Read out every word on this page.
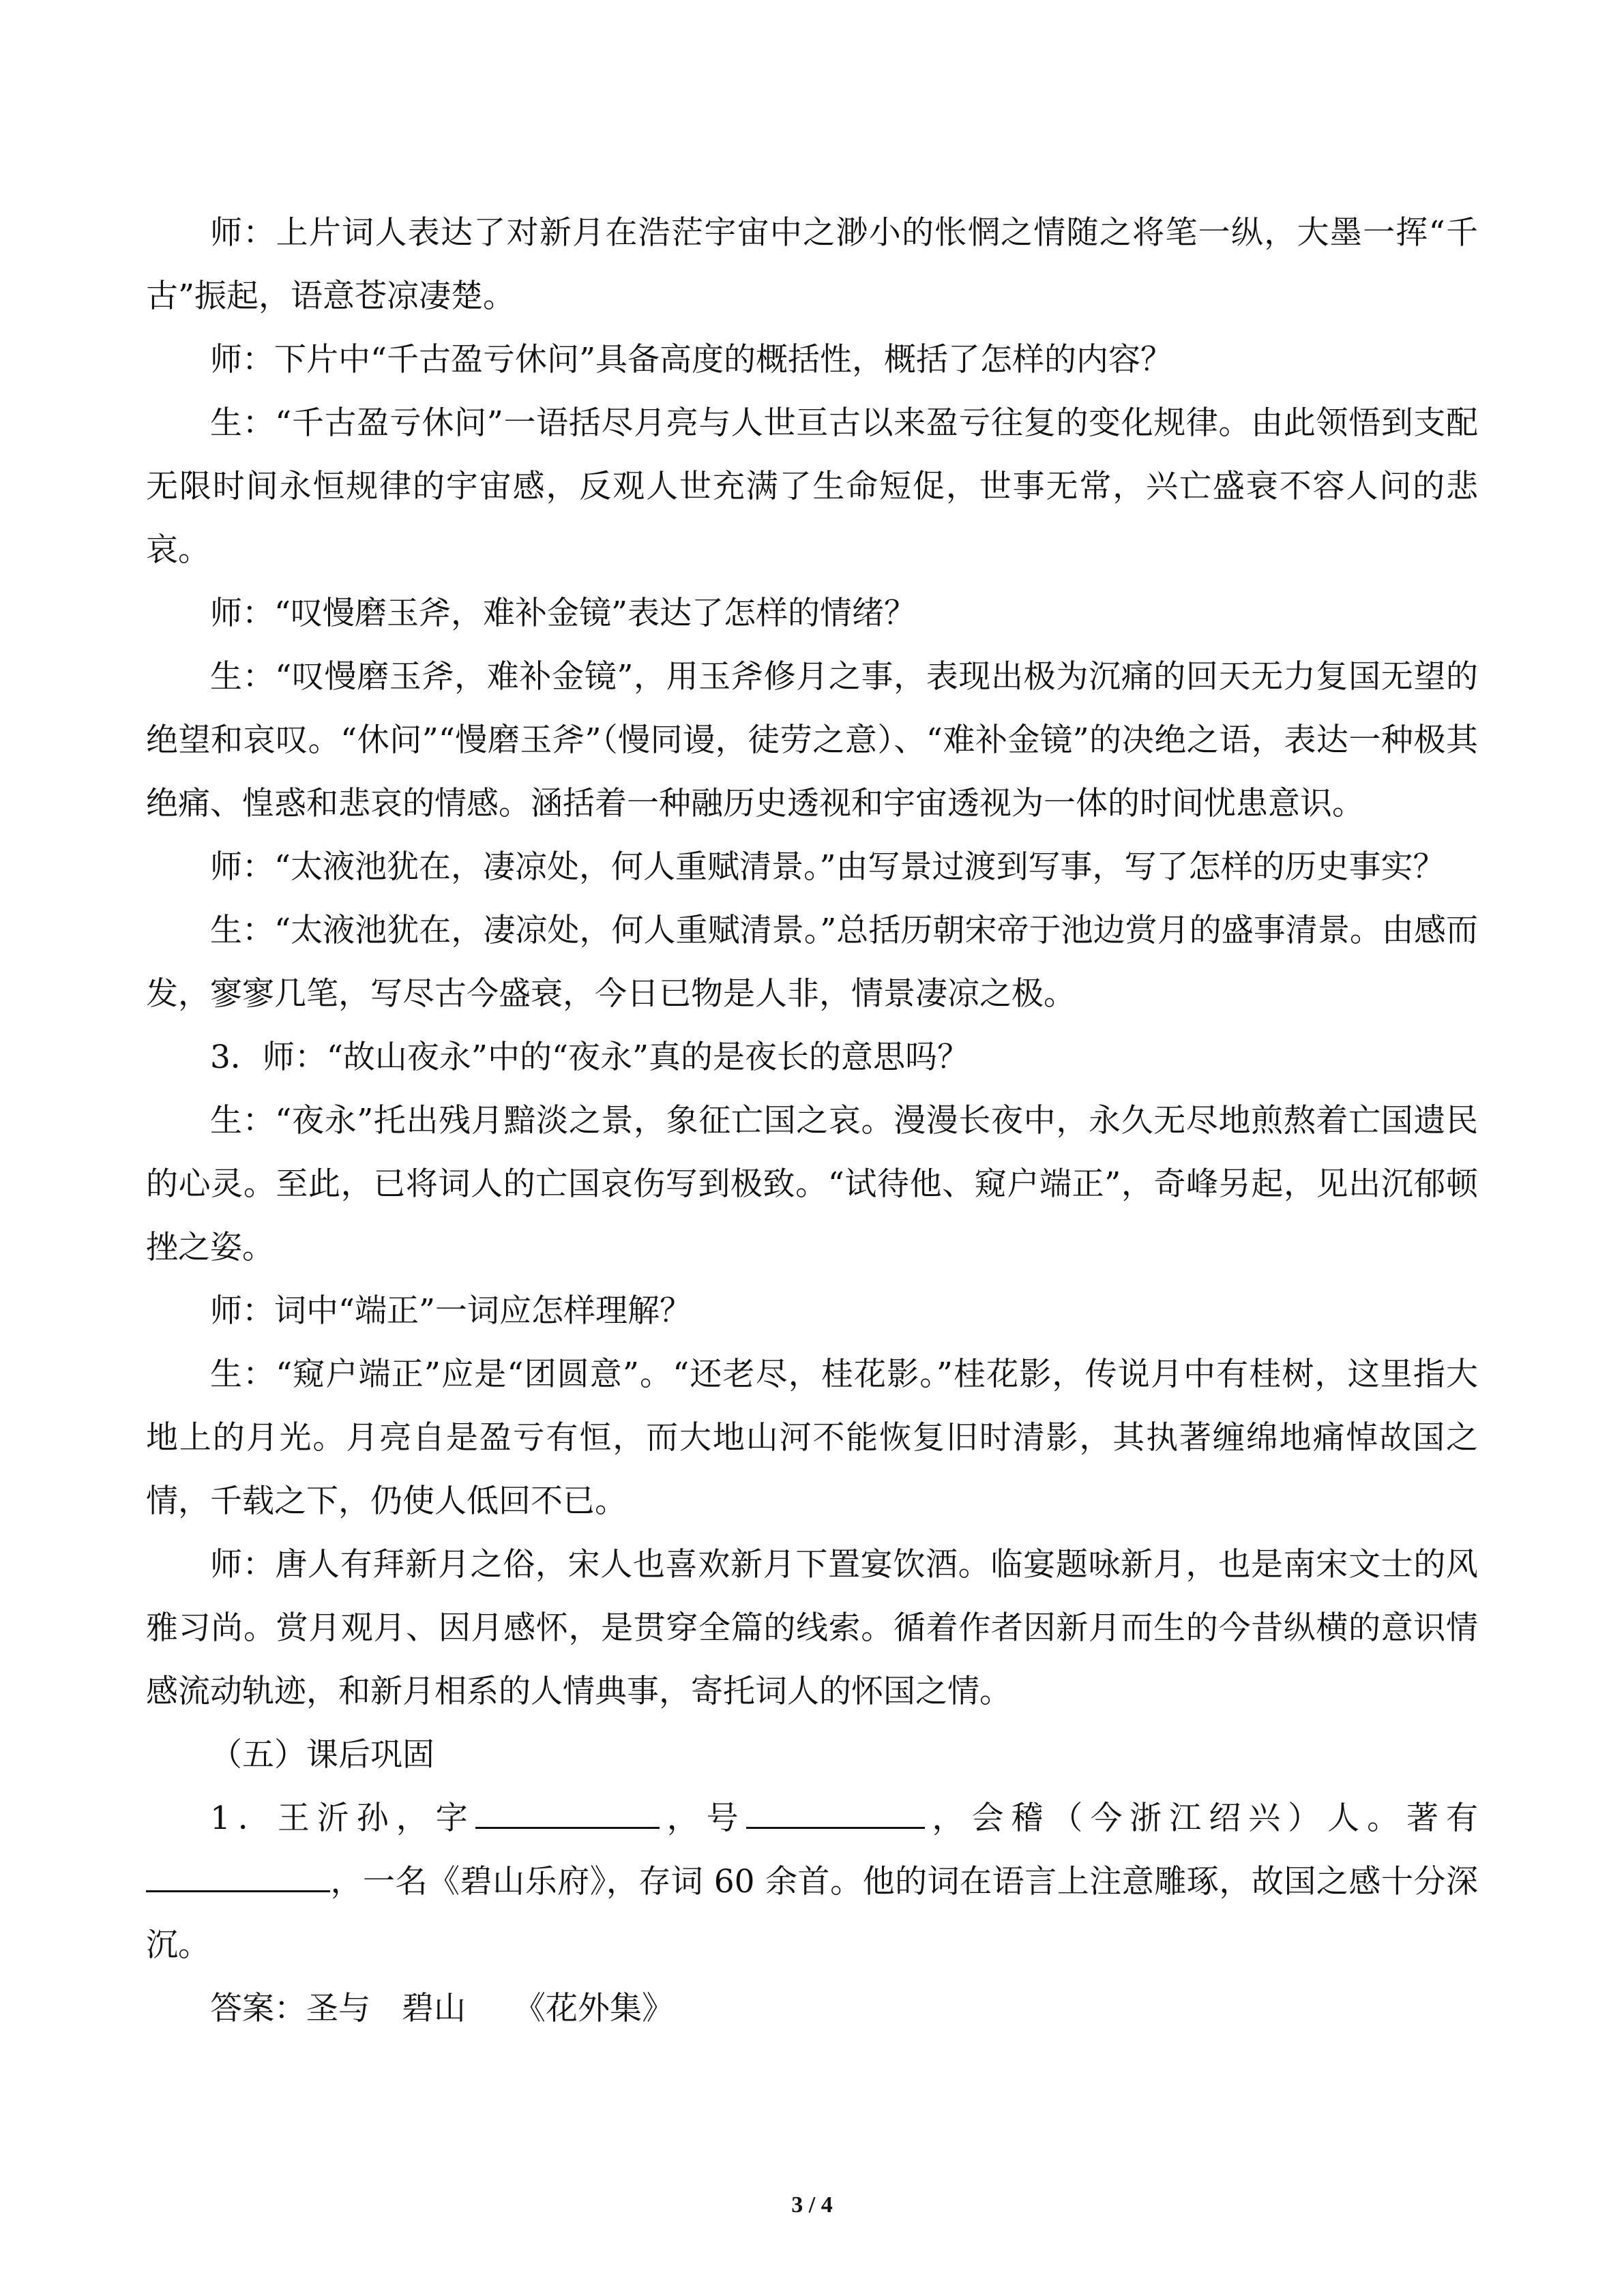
师：上片词人表达了对新月在浩茫宇宙中之渺小的怅惘之情随之将笔一纵，大墨一挥“千古”振起，语意苍凉凄楚。

师：下片中“千古盈亏休问”具备高度的概括性，概括了怎样的内容？

生：“千古盈亏休问”一语括尽月亮与人世亘古以来盈亏往复的变化规律。由此领悟到支配无限时间永恒规律的宇宙感，反观人世充满了生命短促，世事无常，兴亡盛衰不容人问的悲哀。

师：“叹慢磨玉斧，难补金镜”表达了怎样的情绪？

生：“叹慢磨玉斧，难补金镜”，用玉斧修月之事，表现出极为沉痛的回天无力复国无望的绝望和哀叹。“休问”“慢磨玉斧”（慢同谩，徒劳之意）、“难补金镜”的决绝之语，表达一种极其绝痛、惶惑和悲哀的情感。涵括着一种融历史透视和宇宙透视为一体的时间忧患意识。

师：“太液池犹在，凄凉处，何人重赋清景。”由写景过渡到写事，写了怎样的历史事实？

生：“太液池犹在，凄凉处，何人重赋清景。”总括历朝宋帝于池边赏月的盛事清景。由感而发，寥寥几笔，写尽古今盛衰，今日已物是人非，情景凄凉之极。

3．师：“故山夜永”中的“夜永”真的是夜长的意思吗？

生：“夜永”托出残月黯淡之景，象征亡国之哀。漫漫长夜中，永久无尽地煎熬着亡国遗民的心灵。至此，已将词人的亡国哀伤写到极致。“试待他、窥户端正”，奇峰另起，见出沉郁顿挫之姿。

师：词中“端正”一词应怎样理解？

生：“窥户端正”应是“团圆意”。“还老尽，桂花影。”桂花影，传说月中有桂树，这里指大地上的月光。月亮自是盈亏有恒，而大地山河不能恢复旧时清影，其执著缠绵地痛悼故国之情，千载之下，仍使人低回不已。

师：唐人有拜新月之俗，宋人也喜欢新月下置宴饮酒。临宴题咏新月，也是南宋文士的风雅习尚。赏月观月、因月感怀，是贯穿全篇的线索。循着作者因新月而生的今昔纵横的意识情感流动轨迹，和新月相系的人情典事，寄托词人的怀国之情。

（五）课后巩固

1．王沂孙，字	，号	，会稽（今浙江绍兴）人。著有，一名《碧山乐府》，存词 60 余首。他的词在语言上注意雕琢，故国之感十分深沉。

答案：圣与 碧山 《花外集》

3 / 4
